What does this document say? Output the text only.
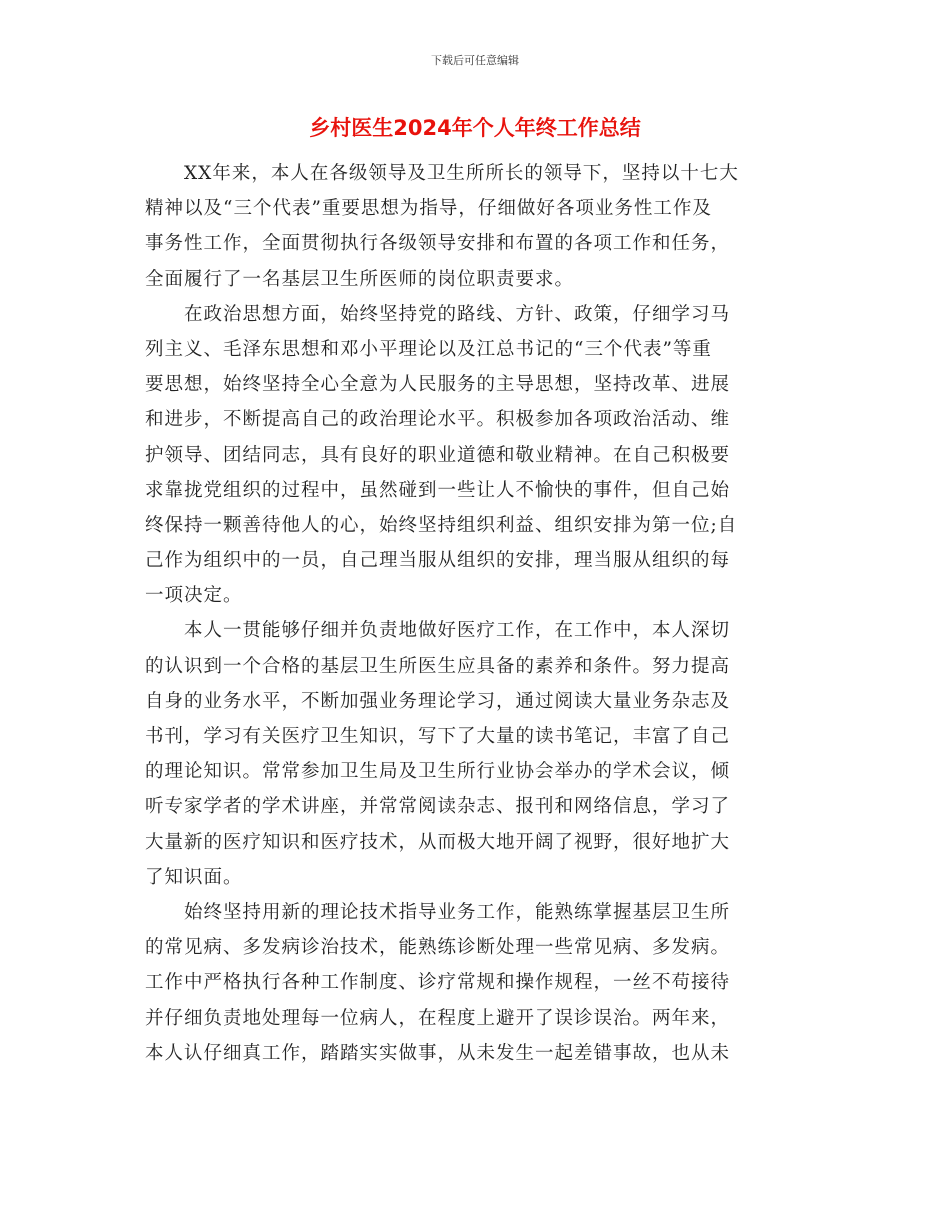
下载后可任意编辑
乡村医生2024年个人年终工作总结
　　XX年来，本人在各级领导及卫生所所长的领导下，坚持以十七大
精神以及“三个代表”重要思想为指导，仔细做好各项业务性工作及
事务性工作，全面贯彻执行各级领导安排和布置的各项工作和任务，
全面履行了一名基层卫生所医师的岗位职责要求。
　　在政治思想方面，始终坚持党的路线、方针、政策，仔细学习马
列主义、毛泽东思想和邓小平理论以及江总书记的“三个代表”等重
要思想，始终坚持全心全意为人民服务的主导思想，坚持改革、进展
和进步，不断提高自己的政治理论水平。积极参加各项政治活动、维
护领导、团结同志，具有良好的职业道德和敬业精神。在自己积极要
求靠拢党组织的过程中，虽然碰到一些让人不愉快的事件，但自己始
终保持一颗善待他人的心，始终坚持组织利益、组织安排为第一位;自
己作为组织中的一员，自己理当服从组织的安排，理当服从组织的每
一项决定。
　　本人一贯能够仔细并负责地做好医疗工作，在工作中，本人深切
的认识到一个合格的基层卫生所医生应具备的素养和条件。努力提高
自身的业务水平，不断加强业务理论学习，通过阅读大量业务杂志及
书刊，学习有关医疗卫生知识，写下了大量的读书笔记，丰富了自己
的理论知识。常常参加卫生局及卫生所行业协会举办的学术会议，倾
听专家学者的学术讲座，并常常阅读杂志、报刊和网络信息，学习了
大量新的医疗知识和医疗技术，从而极大地开阔了视野，很好地扩大
了知识面。
　　始终坚持用新的理论技术指导业务工作，能熟练掌握基层卫生所
的常见病、多发病诊治技术，能熟练诊断处理一些常见病、多发病。
工作中严格执行各种工作制度、诊疗常规和操作规程，一丝不苟接待
并仔细负责地处理每一位病人，在程度上避开了误诊误治。两年来，
本人认仔细真工作，踏踏实实做事，从未发生一起差错事故，也从未
